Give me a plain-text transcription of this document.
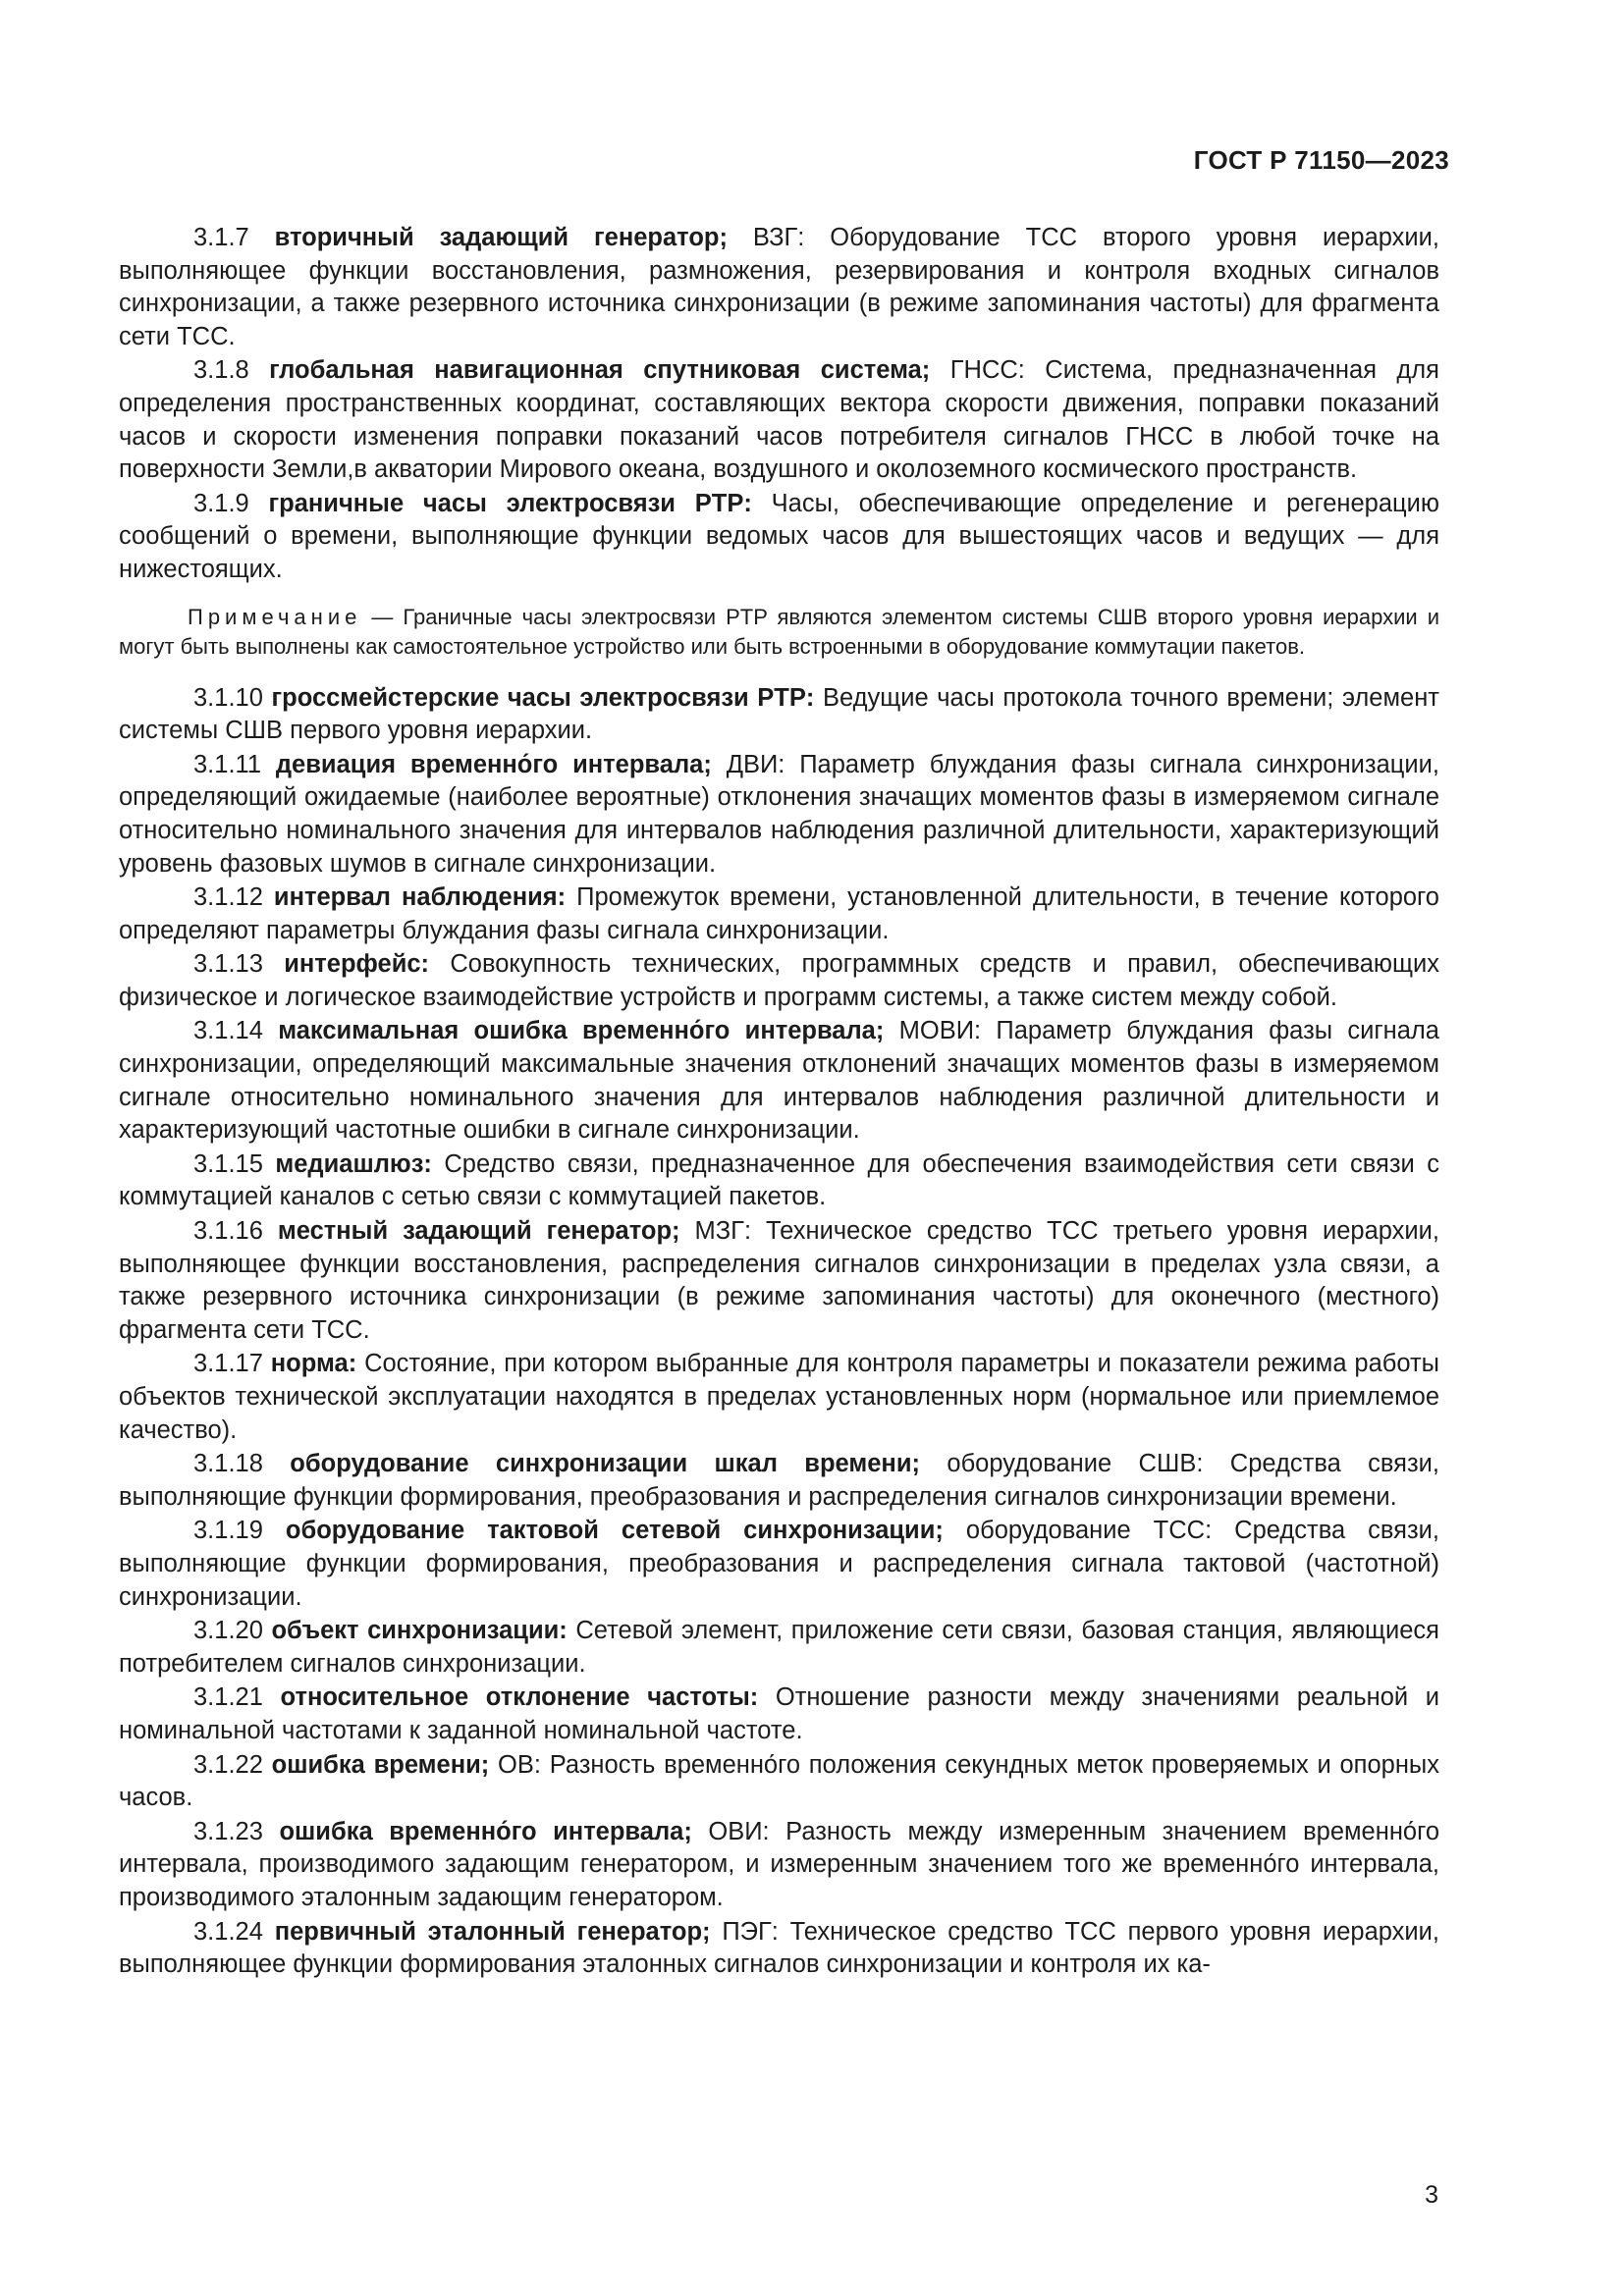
ГОСТ Р 71150—2023

3.1.7 вторичный задающий генератор; ВЗГ: Оборудование ТСС второго уровня иерархии, выполняющее функции восстановления, размножения, резервирования и контроля входных сигналов синхронизации, а также резервного источника синхронизации (в режиме запоминания частоты) для фрагмента сети ТСС.

3.1.8 глобальная навигационная спутниковая система; ГНСС: Система, предназначенная для определения пространственных координат, составляющих вектора скорости движения, поправки показаний часов и скорости изменения поправки показаний часов потребителя сигналов ГНСС в любой точке на поверхности Земли,в акватории Мирового океана, воздушного и околоземного космического пространств.

3.1.9 граничные часы электросвязи PTP: Часы, обеспечивающие определение и регенерацию сообщений о времени, выполняющие функции ведомых часов для вышестоящих часов и ведущих — для нижестоящих.

Примечание — Граничные часы электросвязи PTP являются элементом системы СШВ второго уровня иерархии и могут быть выполнены как самостоятельное устройство или быть встроенными в оборудование коммутации пакетов.

3.1.10 гроссмейстерские часы электросвязи PTP: Ведущие часы протокола точного времени; элемент системы СШВ первого уровня иерархии.

3.1.11 девиация временно́го интервала; ДВИ: Параметр блуждания фазы сигнала синхронизации, определяющий ожидаемые (наиболее вероятные) отклонения значащих моментов фазы в измеряемом сигнале относительно номинального значения для интервалов наблюдения различной длительности, характеризующий уровень фазовых шумов в сигнале синхронизации.

3.1.12 интервал наблюдения: Промежуток времени, установленной длительности, в течение которого определяют параметры блуждания фазы сигнала синхронизации.

3.1.13 интерфейс: Совокупность технических, программных средств и правил, обеспечивающих физическое и логическое взаимодействие устройств и программ системы, а также систем между собой.

3.1.14 максимальная ошибка временно́го интервала; МОВИ: Параметр блуждания фазы сигнала синхронизации, определяющий максимальные значения отклонений значащих моментов фазы в измеряемом сигнале относительно номинального значения для интервалов наблюдения различной длительности и характеризующий частотные ошибки в сигнале синхронизации.

3.1.15 медиашлюз: Средство связи, предназначенное для обеспечения взаимодействия сети связи с коммутацией каналов с сетью связи с коммутацией пакетов.

3.1.16 местный задающий генератор; МЗГ: Техническое средство ТСС третьего уровня иерархии, выполняющее функции восстановления, распределения сигналов синхронизации в пределах узла связи, а также резервного источника синхронизации (в режиме запоминания частоты) для оконечного (местного) фрагмента сети ТСС.

3.1.17 норма: Состояние, при котором выбранные для контроля параметры и показатели режима работы объектов технической эксплуатации находятся в пределах установленных норм (нормальное или приемлемое качество).

3.1.18 оборудование синхронизации шкал времени; оборудование СШВ: Средства связи, выполняющие функции формирования, преобразования и распределения сигналов синхронизации времени.

3.1.19 оборудование тактовой сетевой синхронизации; оборудование ТСС: Средства связи, выполняющие функции формирования, преобразования и распределения сигнала тактовой (частотной) синхронизации.

3.1.20 объект синхронизации: Сетевой элемент, приложение сети связи, базовая станция, являющиеся потребителем сигналов синхронизации.

3.1.21 относительное отклонение частоты: Отношение разности между значениями реальной и номинальной частотами к заданной номинальной частоте.

3.1.22 ошибка времени; ОВ: Разность временно́го положения секундных меток проверяемых и опорных часов.

3.1.23 ошибка временно́го интервала; ОВИ: Разность между измеренным значением временно́го интервала, производимого задающим генератором, и измеренным значением того же временно́го интервала, производимого эталонным задающим генератором.

3.1.24 первичный эталонный генератор; ПЭГ: Техническое средство ТСС первого уровня иерархии, выполняющее функции формирования эталонных сигналов синхронизации и контроля их ка-

3
